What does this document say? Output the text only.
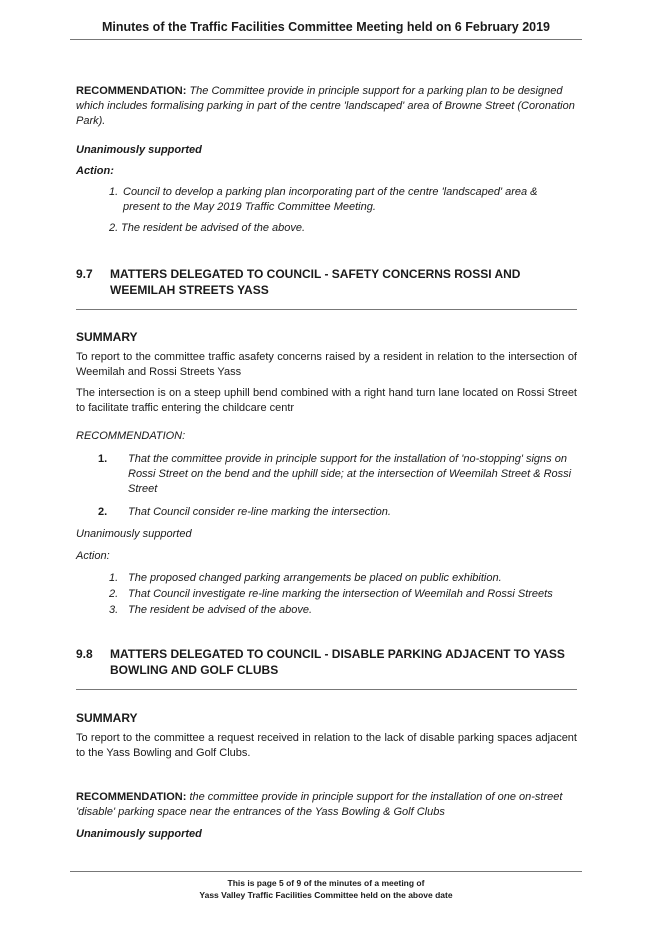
Minutes of the Traffic Facilities Committee Meeting held on 6 February 2019

RECOMMENDATION: The Committee provide in principle support for a parking plan to be designed which includes formalising parking in part of the centre 'landscaped' area of Browne Street (Coronation Park).

Unanimously supported

Action:

1. Council to develop a parking plan incorporating part of the centre 'landscaped' area & present to the May 2019 Traffic Committee Meeting.
2. The resident be advised of the above.
9.7	MATTERS DELEGATED TO COUNCIL - SAFETY CONCERNS ROSSI AND WEEMILAH STREETS YASS

SUMMARY

To report to the committee traffic asafety concerns raised by a resident in relation to the intersection of Weemilah and Rossi Streets Yass

The intersection is on a steep uphill bend combined with a right hand turn lane located on Rossi Street to facilitate traffic entering the childcare centr

RECOMMENDATION:

1. That the committee provide in principle support for the installation of 'no-stopping' signs on Rossi Street on the bend and the uphill side; at the intersection of Weemilah Street & Rossi Street
2. That Council consider re-line marking the intersection.

Unanimously supported

Action:

1. The proposed changed parking arrangements be placed on public exhibition.
2. That Council investigate re-line marking the intersection of Weemilah and Rossi Streets
3. The resident be advised of the above.
9.8	MATTERS DELEGATED TO COUNCIL - DISABLE PARKING ADJACENT TO YASS BOWLING AND GOLF CLUBS

SUMMARY

To report to the committee a request received in relation to the lack of disable parking spaces adjacent to the Yass Bowling and Golf Clubs.

RECOMMENDATION: the committee provide in principle support for the installation of one on-street 'disable' parking space near the entrances of the Yass Bowling & Golf Clubs

Unanimously supported

This is page 5 of 9 of the minutes of a meeting of
Yass Valley Traffic Facilities Committee held on the above date
